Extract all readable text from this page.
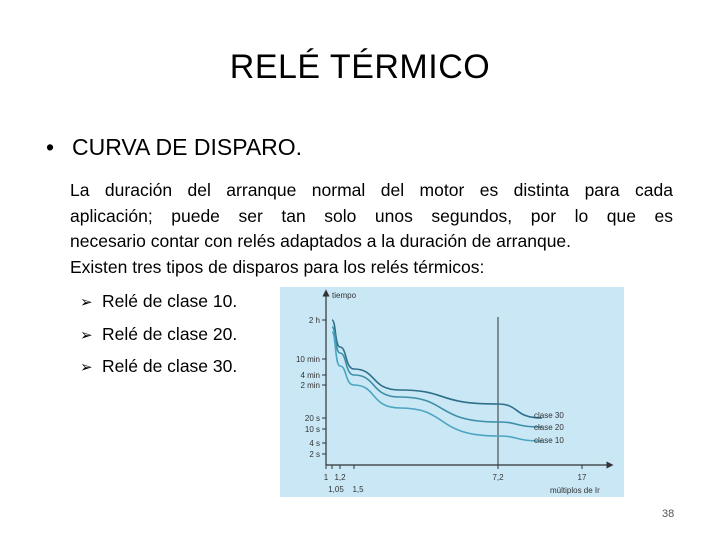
RELÉ TÉRMICO
• CURVA DE DISPARO.
La duración del arranque normal del motor es distinta para cada
aplicación; puede ser tan solo unos segundos, por lo que es
necesario contar con relés adaptados a la duración de arranque.
Existen tres tipos de disparos para los relés térmicos:
➢ Relé de clase 10.
➢ Relé de clase 20.
➢ Relé de clase 30.
2 h
10 min
4 min
2 min
20 s
10 s
4 s
2 s
1 1,2
1,05 1,5
7,2	17
clase 30
clase 20
clase 10
tiempo
múltiplos de Ir
38
